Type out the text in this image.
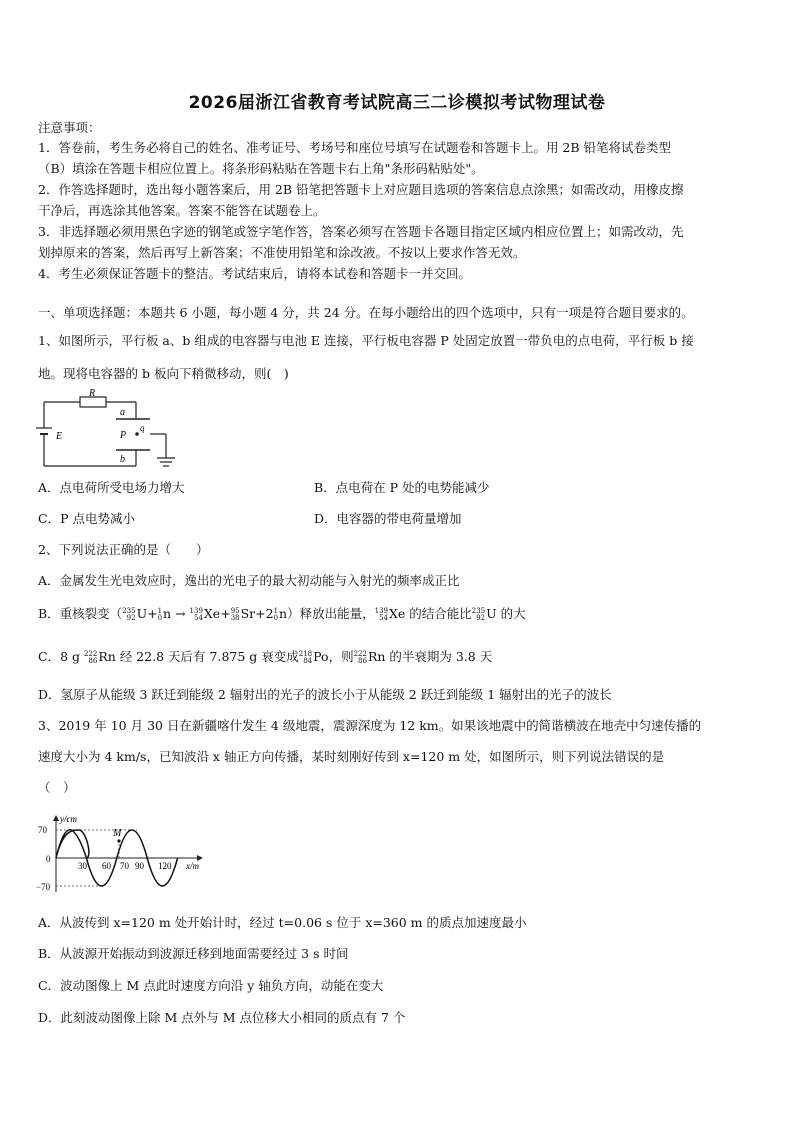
2026届浙江省教育考试院高三二诊模拟考试物理试卷
注意事项：
1．答卷前，考生务必将自己的姓名、准考证号、考场号和座位号填写在试题卷和答题卡上。用 2B 铅笔将试卷类型
（B）填涂在答题卡相应位置上。将条形码粘贴在答题卡右上角"条形码粘贴处"。
2．作答选择题时，选出每小题答案后，用 2B 铅笔把答题卡上对应题目选项的答案信息点涂黑；如需改动，用橡皮擦
干净后，再选涂其他答案。答案不能答在试题卷上。
3．非选择题必须用黑色字迹的钢笔或签字笔作答，答案必须写在答题卡各题目指定区域内相应位置上；如需改动，先
划掉原来的答案，然后再写上新答案；不准使用铅笔和涂改液。不按以上要求作答无效。
4．考生必须保证答题卡的整洁。考试结束后，请将本试卷和答题卡一并交回。
一、单项选择题：本题共 6 小题，每小题 4 分，共 24 分。在每小题给出的四个选项中，只有一项是符合题目要求的。
1、如图所示，平行板 a、b 组成的电容器与电池 E 连接，平行板电容器 P 处固定放置一带负电的点电荷，平行板 b 接
地。现将电容器的 b 板向下稍微移动，则(　)
R
a
P
q
E
b
A．点电荷所受电场力增大	B．点电荷在 P 处的电势能减少
C．P 点电势减小	D．电容器的带电荷量增加
2、下列说法正确的是（　　）
A．金属发生光电效应时，逸出的光电子的最大初动能与入射光的频率成正比
B．重核裂变（ 235
92 U+ 1
0 n → 139
54 Xe+ 95
38 Sr+2 1
0 n）释放出能量， 139
54 Xe 的结合能比 235
92 U 的大
C．8 g 222
86 Rn 经 22.8 天后有 7.875 g 衰变成 218
84 Po，则 222
86 Rn 的半衰期为 3.8 天
D．氢原子从能级 3 跃迁到能级 2 辐射出的光子的波长小于从能级 2 跃迁到能级 1 辐射出的光子的波长
3、2019 年 10 月 30 日在新疆喀什发生 4 级地震，震源深度为 12 km。如果该地震中的简谐横波在地壳中匀速传播的
速度大小为 4 km/s，已知波沿 x 轴正方向传播，某时刻刚好传到 x=120 m 处，如图所示，则下列说法错误的是
（　）
y/cm
x/m
70
0
−70
30 60 70 90 120
M
A．从波传到 x=120 m 处开始计时，经过 t=0.06 s 位于 x=360 m 的质点加速度最小
B．从波源开始振动到波源迁移到地面需要经过 3 s 时间
C．波动图像上 M 点此时速度方向沿 y 轴负方向，动能在变大
D．此刻波动图像上除 M 点外与 M 点位移大小相同的质点有 7 个
